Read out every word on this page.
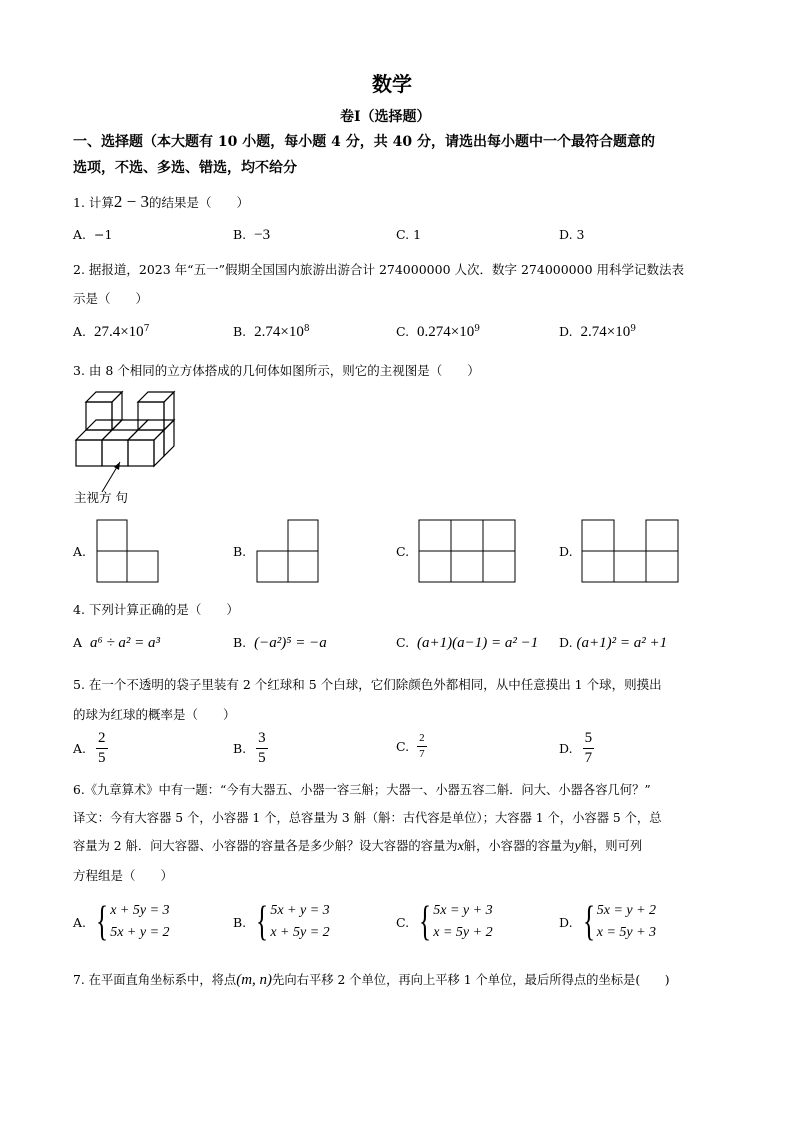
数学
卷Ⅰ（选择题）
一、选择题（本大题有 10 小题，每小题 4 分，共 40 分，请选出每小题中一个最符合题意的
选项，不选、多选、错选，均不给分
1. 计算2 − 3的结果是（　　）
A. −1	B. −3	C. 1	D. 3
2. 据报道，2023 年“五一”假期全国国内旅游出游合计 274000000 人次．数字 274000000 用科学记数法表
示是（　　）
A. $27.4\times 10^7$	B. $2.74\times 10^8$	C. $0.274\times 10^9$	D. $2.74\times 10^9$
3. 由 8 个相同的立方体搭成的几何体如图所示，则它的主视图是（　　）
主视方 句
A.	B.	C.	D.
4. 下列计算正确的是（　　）
A a⁶ ÷ a² = a³	B. (−a²)⁵ = −a	C. (a+1)(a−1) = a² −1 D. (a+1)² = a² +1
5. 在一个不透明的袋子里装有 2 个红球和 5 个白球，它们除颜色外都相同，从中任意摸出 1 个球，则摸出
的球为红球的概率是（　　）
A. $\frac{2}{5}$	B. $\frac{3}{5}$	C. $\frac{2}{7}$	D. $\frac{5}{7}$
6.《九章算术》中有一题：“今有大器五、小器一容三斛；大器一、小器五容二斛．问大、小器各容几何？”
译文：今有大容器 5 个，小容器 1 个，总容量为 3 斛（斛：古代容是单位）；大容器 1 个，小容器 5 个，总
容量为 2 斛．问大容器、小容器的容量各是多少斛？设大容器的容量为x斛，小容器的容量为y斛，则可列
方程组是（　　）
A. { x + 5y = 3
5x + y = 2
B. { 5x + y = 3
x + 5y = 2
C. { 5x = y + 3
x = 5y + 2
D. { 5x = y + 2
x = 5y + 3
7. 在平面直角坐标系中，将点(m, n)先向右平移 2 个单位，再向上平移 1 个单位，最后所得点的坐标是(　　)
